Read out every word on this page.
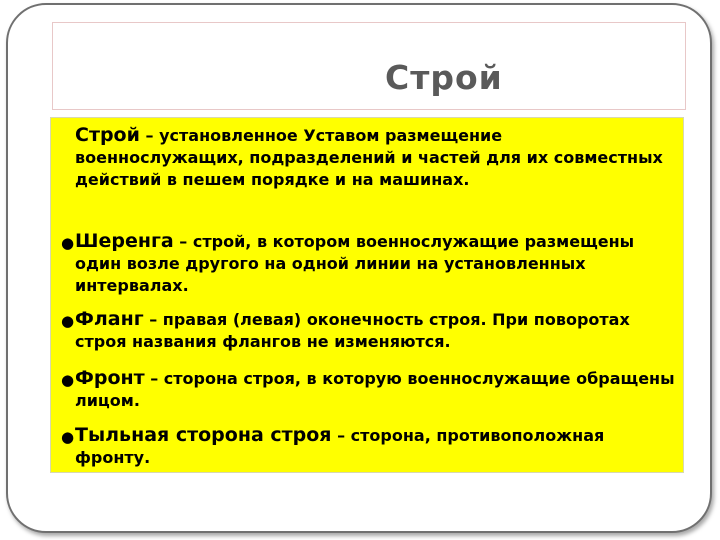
Строй
Строй – установленное Уставом размещение военнослужащих, подразделений и частей для их совместных действий в пешем порядке и на машинах.
● Шеренга – строй, в котором военнослужащие размещены один возле другого на одной линии на установленных интервалах.
● Фланг – правая (левая) оконечность строя. При поворотах строя названия флангов не изменяются.
● Фронт – сторона строя, в которую военнослужащие обращены лицом.
● Тыльная сторона строя – сторона, противоположная фронту.
